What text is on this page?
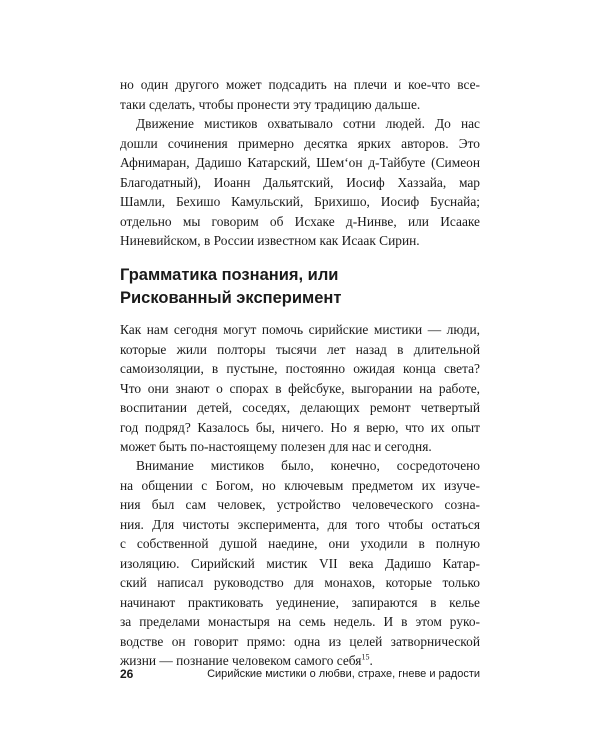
но один другого может подсадить на плечи и кое-что все-
таки сделать, чтобы пронести эту традицию дальше.
Движение мистиков охватывало сотни людей. До нас
дошли сочинения примерно десятка ярких авторов. Это
Афнимаран, Дадишо Катарский, Шем‘он д-Тайбуте (Симеон
Благодатный), Иоанн Дальятский, Иосиф Хаззайа, мар
Шамли, Бехишо Камульский, Брихишо, Иосиф Буснайа;
отдельно мы говорим об Исхаке д-Нинве, или Исааке
Ниневийском, в России известном как Исаак Сирин.
Грамматика познания, или
Рискованный эксперимент
Как нам сегодня могут помочь сирийские мистики — люди,
которые жили полторы тысячи лет назад в длительной
самоизоляции, в пустыне, постоянно ожидая конца света?
Что они знают о спорах в фейсбуке, выгорании на работе,
воспитании детей, соседях, делающих ремонт четвертый
год подряд? Казалось бы, ничего. Но я верю, что их опыт
может быть по-настоящему полезен для нас и сегодня.
Внимание мистиков было, конечно, сосредоточено
на общении с Богом, но ключевым предметом их изуче-
ния был сам человек, устройство человеческого созна-
ния. Для чистоты эксперимента, для того чтобы остаться
с собственной душой наедине, они уходили в полную
изоляцию. Сирийский мистик VII века Дадишо Катар-
ский написал руководство для монахов, которые только
начинают практиковать уединение, запираются в келье
за пределами монастыря на семь недель. И в этом руко-
водстве он говорит прямо: одна из целей затворнической
жизни — познание человеком самого себя$^{15}$.
26	Сирийские мистики о любви, страхе, гневе и радости
